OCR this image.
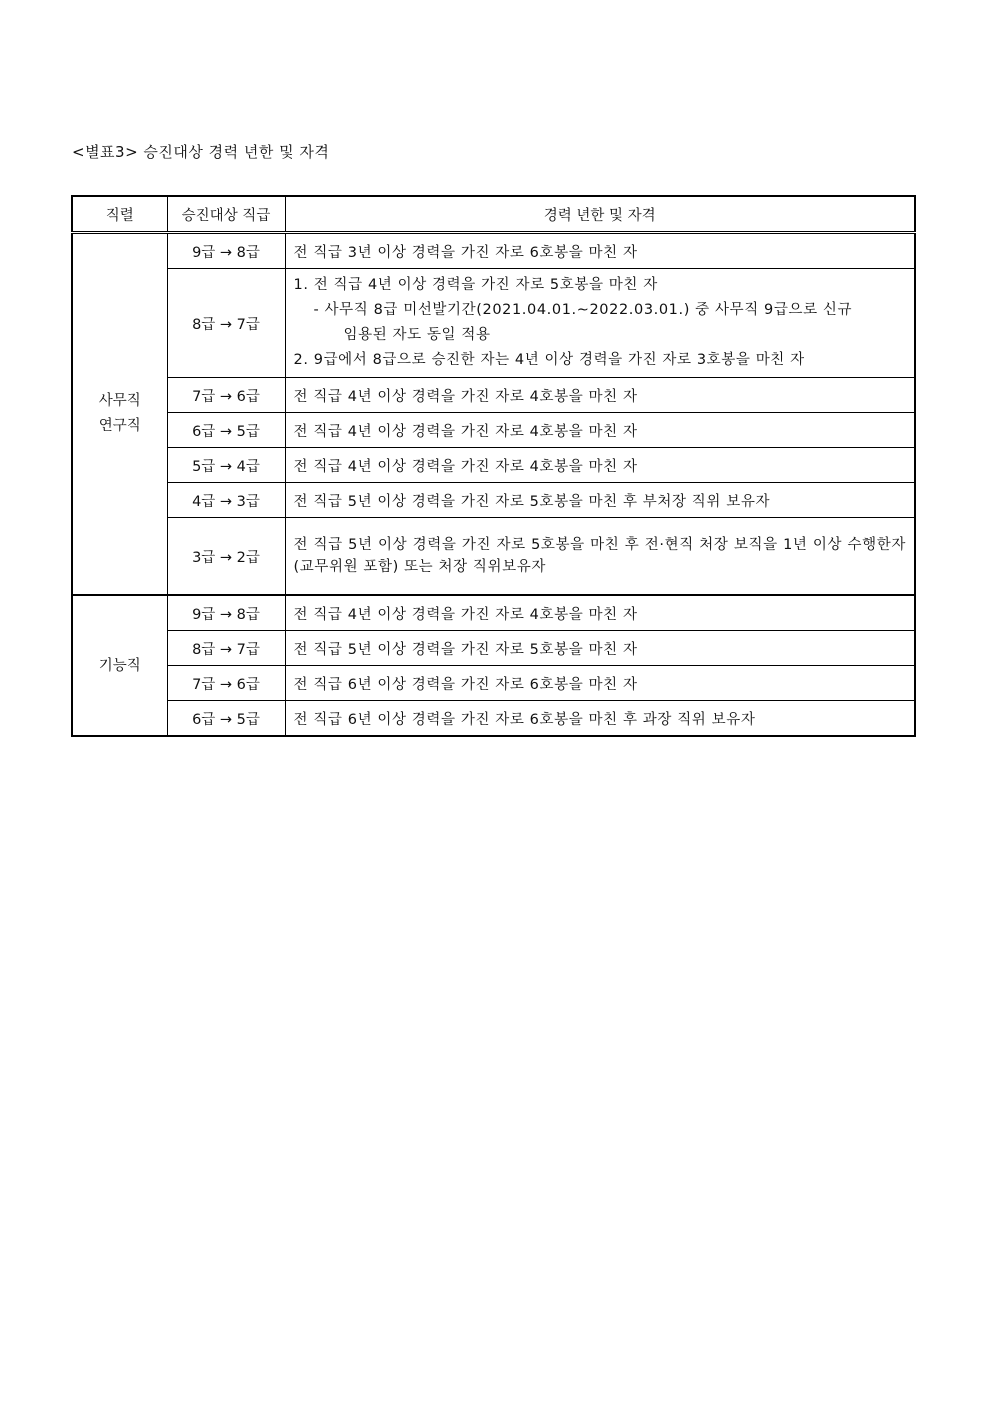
<별표3> 승진대상 경력 년한 및 자격
직렬	승진대상 직급	경력 년한 및 자격

사무직
연구직	9급 → 8급	전 직급 3년 이상 경력을 가진 자로 6호봉을 마친 자
	8급 → 7급	1. 전 직급 4년 이상 경력을 가진 자로 5호봉을 마친 자
- 사무직 8급 미선발기간(2021.04.01.∼2022.03.01.) 중 사무직 9급으로 신규
임용된 자도 동일 적용
2. 9급에서 8급으로 승진한 자는 4년 이상 경력을 가진 자로 3호봉을 마친 자

	7급 → 6급	전 직급 4년 이상 경력을 가진 자로 4호봉을 마친 자
	6급 → 5급	전 직급 4년 이상 경력을 가진 자로 4호봉을 마친 자
	5급 → 4급	전 직급 4년 이상 경력을 가진 자로 4호봉을 마친 자
	4급 → 3급	전 직급 5년 이상 경력을 가진 자로 5호봉을 마친 후 부처장 직위 보유자
	3급 → 2급	전 직급 5년 이상 경력을 가진 자로 5호봉을 마친 후 전·현직 처장 보직을 1년 이상 수행한자(교무위원 포함) 또는 처장 직위보유자
기능직	9급 → 8급	전 직급 4년 이상 경력을 가진 자로 4호봉을 마친 자
	8급 → 7급	전 직급 5년 이상 경력을 가진 자로 5호봉을 마친 자
	7급 → 6급	전 직급 6년 이상 경력을 가진 자로 6호봉을 마친 자
	6급 → 5급	전 직급 6년 이상 경력을 가진 자로 6호봉을 마친 후 과장 직위 보유자
